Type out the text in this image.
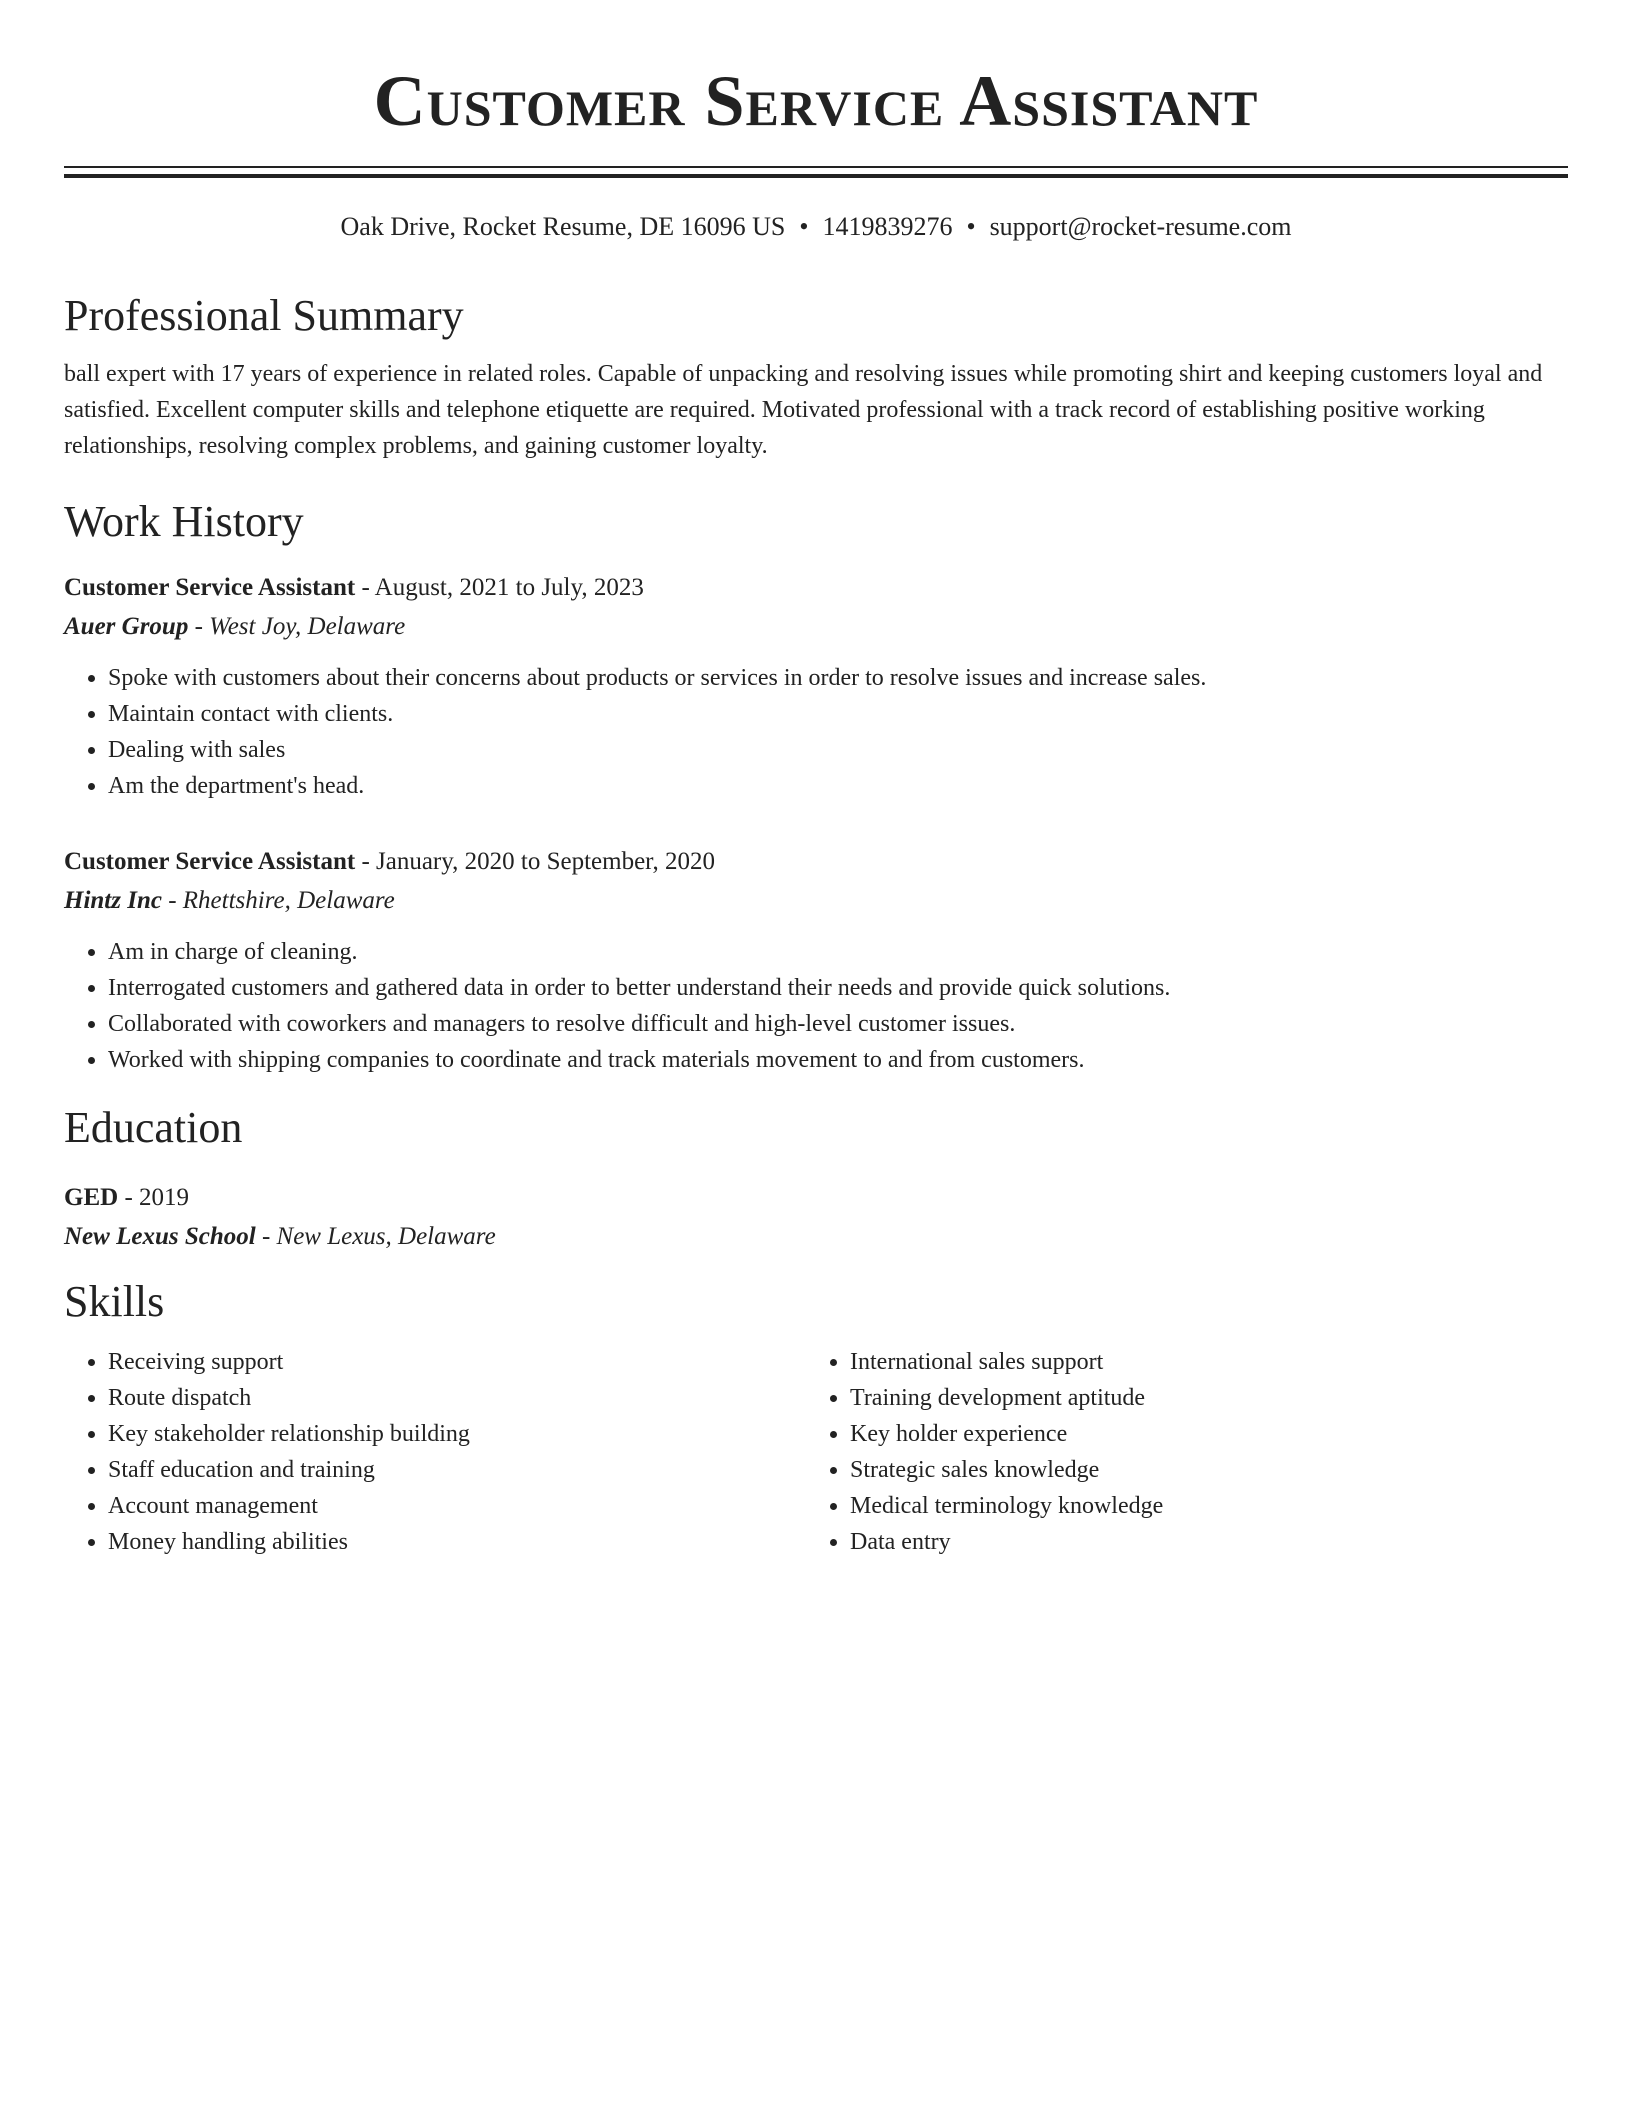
Customer Service Assistant
Oak Drive, Rocket Resume, DE 16096 US • 1419839276 • support@rocket-resume.com
Professional Summary

ball expert with 17 years of experience in related roles. Capable of unpacking and resolving issues while promoting shirt and keeping customers loyal and satisfied. Excellent computer skills and telephone etiquette are required. Motivated professional with a track record of establishing positive working relationships, resolving complex problems, and gaining customer loyalty.

Work History
Customer Service Assistant - August, 2021 to July, 2023
Auer Group - West Joy, Delaware
• Spoke with customers about their concerns about products or services in order to resolve issues and increase sales.
• Maintain contact with clients.
• Dealing with sales
• Am the department's head.
Customer Service Assistant - January, 2020 to September, 2020
Hintz Inc - Rhettshire, Delaware
• Am in charge of cleaning.
• Interrogated customers and gathered data in order to better understand their needs and provide quick solutions.
• Collaborated with coworkers and managers to resolve difficult and high-level customer issues.
• Worked with shipping companies to coordinate and track materials movement to and from customers.
Education
GED - 2019
New Lexus School - New Lexus, Delaware
Skills
• Receiving support
• Route dispatch
• Key stakeholder relationship building
• Staff education and training
• Account management
• Money handling abilities
• International sales support
• Training development aptitude
• Key holder experience
• Strategic sales knowledge
• Medical terminology knowledge
• Data entry
